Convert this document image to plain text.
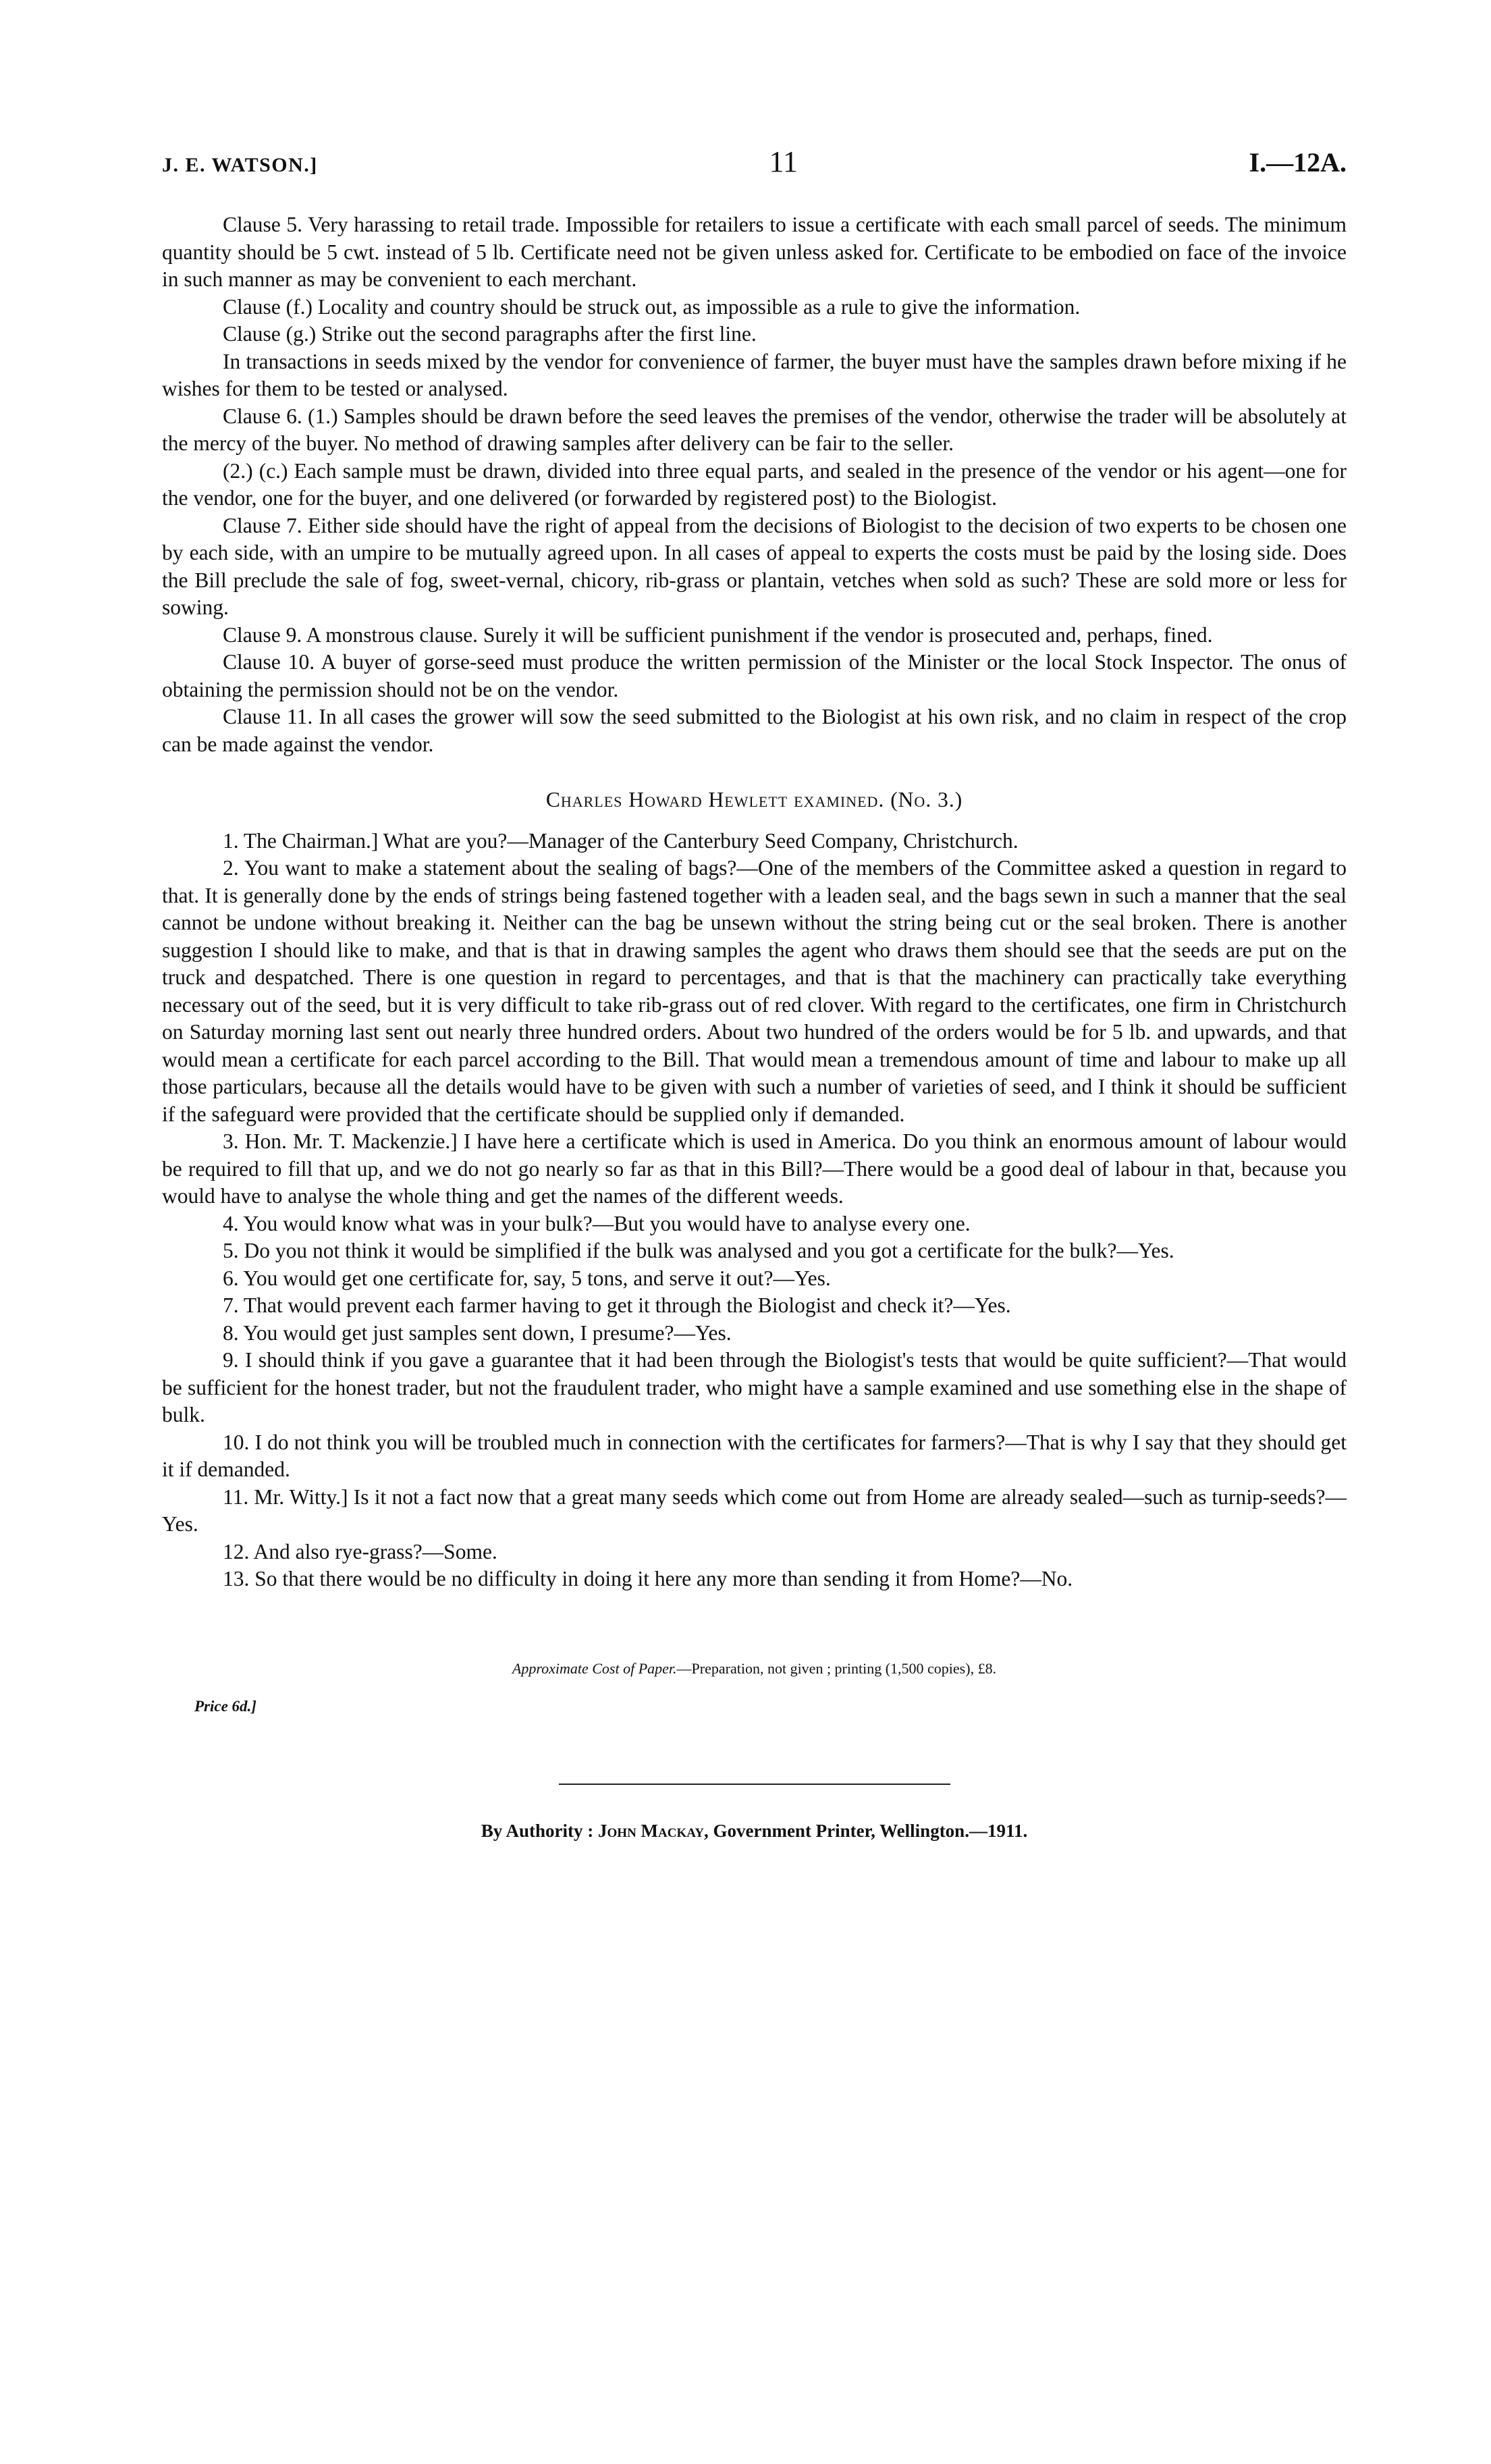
J. E. WATSON.]	11	I.—12A.

Clause 5. Very harassing to retail trade. Impossible for retailers to issue a certificate with each small parcel of seeds. The minimum quantity should be 5 cwt. instead of 5 lb. Certificate need not be given unless asked for. Certificate to be embodied on face of the invoice in such manner as may be convenient to each merchant.

Clause (f.) Locality and country should be struck out, as impossible as a rule to give the information.

Clause (g.) Strike out the second paragraphs after the first line.

In transactions in seeds mixed by the vendor for convenience of farmer, the buyer must have the samples drawn before mixing if he wishes for them to be tested or analysed.

Clause 6. (1.) Samples should be drawn before the seed leaves the premises of the vendor, otherwise the trader will be absolutely at the mercy of the buyer. No method of drawing samples after delivery can be fair to the seller.

(2.) (c.) Each sample must be drawn, divided into three equal parts, and sealed in the presence of the vendor or his agent—one for the vendor, one for the buyer, and one delivered (or forwarded by registered post) to the Biologist.

Clause 7. Either side should have the right of appeal from the decisions of Biologist to the decision of two experts to be chosen one by each side, with an umpire to be mutually agreed upon. In all cases of appeal to experts the costs must be paid by the losing side. Does the Bill preclude the sale of fog, sweet-vernal, chicory, rib-grass or plantain, vetches when sold as such? These are sold more or less for sowing.

Clause 9. A monstrous clause. Surely it will be sufficient punishment if the vendor is prosecuted and, perhaps, fined.

Clause 10. A buyer of gorse-seed must produce the written permission of the Minister or the local Stock Inspector. The onus of obtaining the permission should not be on the vendor.

Clause 11. In all cases the grower will sow the seed submitted to the Biologist at his own risk, and no claim in respect of the crop can be made against the vendor.

Charles Howard Hewlett examined. (No. 3.)

1. The Chairman.] What are you?—Manager of the Canterbury Seed Company, Christchurch.

2. You want to make a statement about the sealing of bags?—One of the members of the Committee asked a question in regard to that. It is generally done by the ends of strings being fastened together with a leaden seal, and the bags sewn in such a manner that the seal cannot be undone without breaking it. Neither can the bag be unsewn without the string being cut or the seal broken. There is another suggestion I should like to make, and that is that in drawing samples the agent who draws them should see that the seeds are put on the truck and despatched. There is one question in regard to percentages, and that is that the machinery can practically take everything necessary out of the seed, but it is very difficult to take rib-grass out of red clover. With regard to the certificates, one firm in Christchurch on Saturday morning last sent out nearly three hundred orders. About two hundred of the orders would be for 5 lb. and upwards, and that would mean a certificate for each parcel according to the Bill. That would mean a tremendous amount of time and labour to make up all those particulars, because all the details would have to be given with such a number of varieties of seed, and I think it should be sufficient if the safeguard were provided that the certificate should be supplied only if demanded.

3. Hon. Mr. T. Mackenzie.] I have here a certificate which is used in America. Do you think an enormous amount of labour would be required to fill that up, and we do not go nearly so far as that in this Bill?—There would be a good deal of labour in that, because you would have to analyse the whole thing and get the names of the different weeds.

4. You would know what was in your bulk?—But you would have to analyse every one.

5. Do you not think it would be simplified if the bulk was analysed and you got a certificate for the bulk?—Yes.

6. You would get one certificate for, say, 5 tons, and serve it out?—Yes.

7. That would prevent each farmer having to get it through the Biologist and check it?—Yes.

8. You would get just samples sent down, I presume?—Yes.

9. I should think if you gave a guarantee that it had been through the Biologist's tests that would be quite sufficient?—That would be sufficient for the honest trader, but not the fraudulent trader, who might have a sample examined and use something else in the shape of bulk.

10. I do not think you will be troubled much in connection with the certificates for farmers?—That is why I say that they should get it if demanded.

11. Mr. Witty.] Is it not a fact now that a great many seeds which come out from Home are already sealed—such as turnip-seeds?—Yes.

12. And also rye-grass?—Some.

13. So that there would be no difficulty in doing it here any more than sending it from Home?—No.

Approximate Cost of Paper.—Preparation, not given ; printing (1,500 copies), £8.

Price 6d.]

By Authority : John Mackay, Government Printer, Wellington.—1911.
